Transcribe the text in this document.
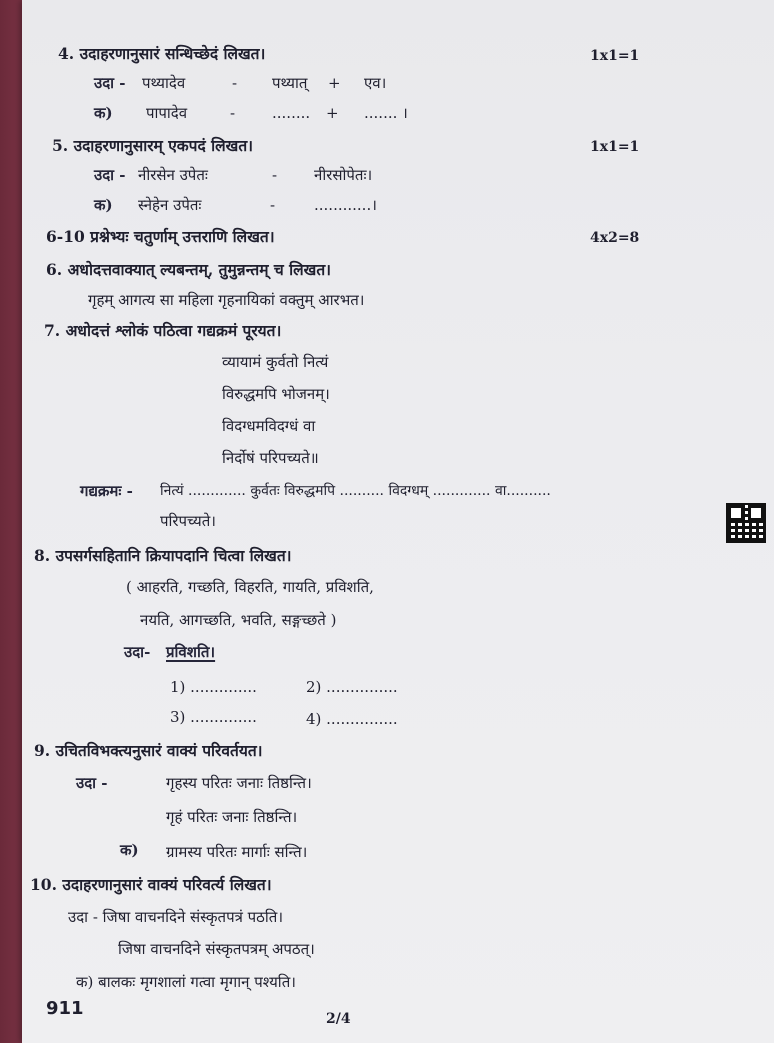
4. उदाहरणानुसारं सन्धिच्छेदं लिखत।	1x1=1
उदा - पथ्यादेव	- पथ्यात् + एव।
क) पापादेव	- ........ + ....... ।
5. उदाहरणानुसारम् एकपदं लिखत।	1x1=1
उदा - नीरसेन उपेतः	- नीरसोपेतः।
क) स्नेहेन उपेतः	-	............।
6-10 प्रश्नेभ्यः चतुर्णाम् उत्तराणि लिखत।	4x2=8
6. अधोदत्तवाक्यात् ल्यबन्तम्, तुमुन्नन्तम् च लिखत।
गृहम् आगत्य सा महिला गृहनायिकां वक्तुम् आरभत।
7. अधोदत्तं श्लोकं पठित्वा गद्यक्रमं पूरयत।
व्यायामं कुर्वतो नित्यं
विरुद्धमपि भोजनम्।
विदग्धमविदग्धं वा
निर्दोषं परिपच्यते॥
गद्यक्रमः - नित्यं ............. कुर्वतः विरुद्धमपि .......... विदग्धम् ............. वा..........
परिपच्यते।
8. उपसर्गसहितानि क्रियापदानि चित्वा लिखत।
( आहरति, गच्छति, विहरति, गायति, प्रविशति,
नयति, आगच्छति, भवति, सङ्गच्छते )
उदा- प्रविशति।
1) ..............	2) ...............
3) ..............	4) ...............
9. उचितविभक्त्यनुसारं वाक्यं परिवर्तयत।
उदा -	गृहस्य परितः जनाः तिष्ठन्ति।
गृहं परितः जनाः तिष्ठन्ति।
क) ग्रामस्य परितः मार्गाः सन्ति।
10. उदाहरणानुसारं वाक्यं परिवर्त्य लिखत।
उदा - जिषा वाचनदिने संस्कृतपत्रं पठति।
जिषा वाचनदिने संस्कृतपत्रम् अपठत्।
क) बालकः मृगशालां गत्वा मृगान् पश्यति।
911	2/4
